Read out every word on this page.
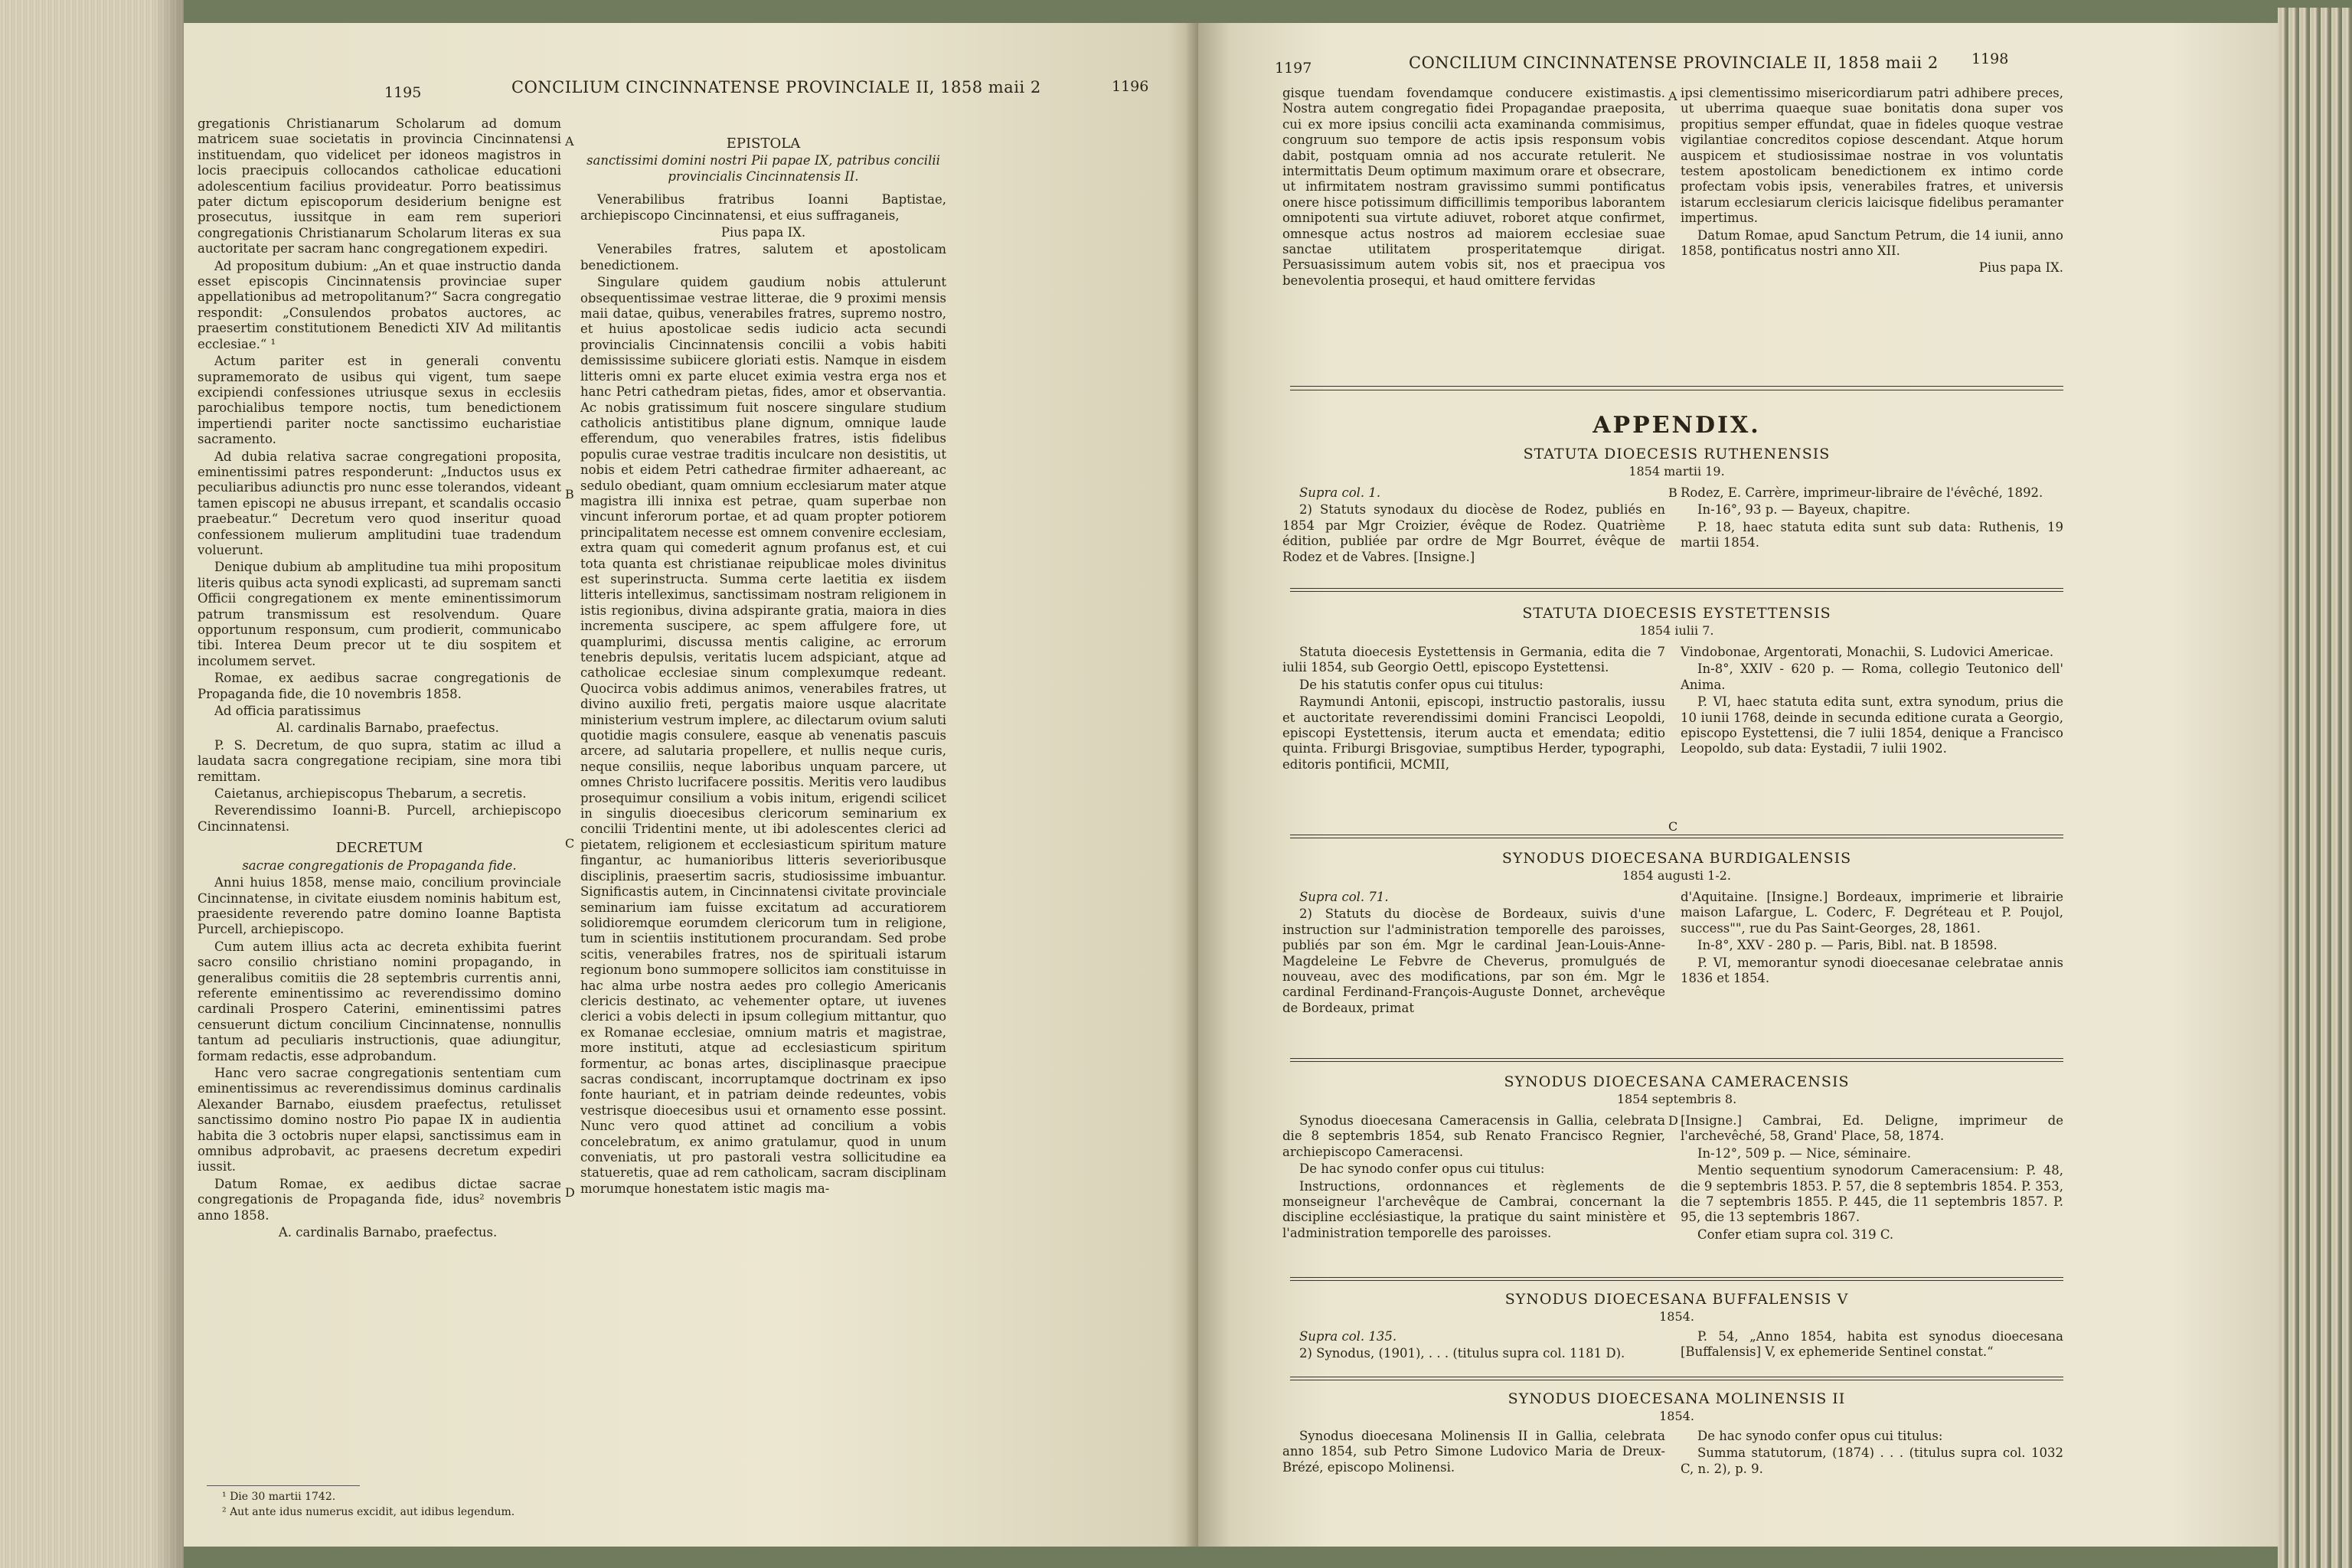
1195	CONCILIUM CINCINNATENSE PROVINCIALE II, 1858 maii 2	1196

gregationis Christianarum Scholarum ad domum matricem suae societatis in provincia Cincinnatensi instituendam, quo videlicet per idoneos magistros in locis praecipuis collocandos catholicae educationi adolescentium facilius provideatur. Porro beatissimus pater dictum episcoporum desiderium benigne est prosecutus, iussitque in eam rem superiori congregationis Christianarum Scholarum literas ex sua auctoritate per sacram hanc congregationem expediri.

Ad propositum dubium: „An et quae instructio danda esset episcopis Cincinnatensis provinciae super appellationibus ad metropolitanum?“ Sacra congregatio respondit: „Consulendos probatos auctores, ac praesertim constitutionem Benedicti XIV Ad militantis ecclesiae.“ ¹

Actum pariter est in generali conventu supramemorato de usibus qui vigent, tum saepe excipiendi confessiones utriusque sexus in ecclesiis parochialibus tempore noctis, tum benedictionem impertiendi pariter nocte sanctissimo eucharistiae sacramento.

Ad dubia relativa sacrae congregationi proposita, eminentissimi patres responderunt: „Inductos usus ex peculiaribus adiunctis pro nunc esse tolerandos, videant tamen episcopi ne abusus irrepant, et scandalis occasio praebeatur.“ Decretum vero quod inseritur quoad confessionem mulierum amplitudini tuae tradendum voluerunt.

Denique dubium ab amplitudine tua mihi propositum literis quibus acta synodi explicasti, ad supremam sancti Officii congregationem ex mente eminentissimorum patrum transmissum est resolvendum. Quare opportunum responsum, cum prodierit, communicabo tibi. Interea Deum precor ut te diu sospitem et incolumem servet.

Romae, ex aedibus sacrae congregationis de Propaganda fide, die 10 novembris 1858.

Ad officia paratissimus

Al. cardinalis Barnabo, praefectus.

P. S. Decretum, de quo supra, statim ac illud a laudata sacra congregatione recipiam, sine mora tibi remittam.

Caietanus, archiepiscopus Thebarum, a secretis.

Reverendissimo Ioanni-B. Purcell, archiepiscopo Cincinnatensi.

DECRETUM

sacrae congregationis de Propaganda fide.

Anni huius 1858, mense maio, concilium provinciale Cincinnatense, in civitate eiusdem nominis habitum est, praesidente reverendo patre domino Ioanne Baptista Purcell, archiepiscopo.

Cum autem illius acta ac decreta exhibita fuerint sacro consilio christiano nomini propagando, in generalibus comitiis die 28 septembris currentis anni, referente eminentissimo ac reverendissimo domino cardinali Prospero Caterini, eminentissimi patres censuerunt dictum concilium Cincinnatense, nonnullis tantum ad peculiaris instructionis, quae adiungitur, formam redactis, esse adprobandum.

Hanc vero sacrae congregationis sententiam cum eminentissimus ac reverendissimus dominus cardinalis Alexander Barnabo, eiusdem praefectus, retulisset sanctissimo domino nostro Pio papae IX in audientia habita die 3 octobris nuper elapsi, sanctissimus eam in omnibus adprobavit, ac praesens decretum expediri iussit.

Datum Romae, ex aedibus dictae sacrae congregationis de Propaganda fide, idus² novembris anno 1858.

A. cardinalis Barnabo, praefectus.

¹ Die 30 martii 1742.
² Aut ante idus numerus excidit, aut idibus legendum.
A
B
C
D

EPISTOLA

sanctissimi domini nostri Pii papae IX, patribus concilii provincialis Cincinnatensis II.

Venerabilibus fratribus Ioanni Baptistae, archiepiscopo Cincinnatensi, et eius suffraganeis,

Pius papa IX.

Venerabiles fratres, salutem et apostolicam benedictionem.

Singulare quidem gaudium nobis attulerunt obsequentissimae vestrae litterae, die 9 proximi mensis maii datae, quibus, venerabiles fratres, supremo nostro, et huius apostolicae sedis iudicio acta secundi provincialis Cincinnatensis concilii a vobis habiti demississime subiicere gloriati estis. Namque in eisdem litteris omni ex parte elucet eximia vestra erga nos et hanc Petri cathedram pietas, fides, amor et observantia. Ac nobis gratissimum fuit noscere singulare studium catholicis antistitibus plane dignum, omnique laude efferendum, quo venerabiles fratres, istis fidelibus populis curae vestrae traditis inculcare non desistitis, ut nobis et eidem Petri cathedrae firmiter adhaereant, ac sedulo obediant, quam omnium ecclesiarum mater atque magistra illi innixa est petrae, quam superbae non vincunt inferorum portae, et ad quam propter potiorem principalitatem necesse est omnem convenire ecclesiam, extra quam qui comederit agnum profanus est, et cui tota quanta est christianae reipublicae moles divinitus est superinstructa. Summa certe laetitia ex iisdem litteris intelleximus, sanctissimam nostram religionem in istis regionibus, divina adspirante gratia, maiora in dies incrementa suscipere, ac spem affulgere fore, ut quamplurimi, discussa mentis caligine, ac errorum tenebris depulsis, veritatis lucem adspiciant, atque ad catholicae ecclesiae sinum complexumque redeant. Quocirca vobis addimus animos, venerabiles fratres, ut divino auxilio freti, pergatis maiore usque alacritate ministerium vestrum implere, ac dilectarum ovium saluti quotidie magis consulere, easque ab venenatis pascuis arcere, ad salutaria propellere, et nullis neque curis, neque consiliis, neque laboribus unquam parcere, ut omnes Christo lucrifacere possitis. Meritis vero laudibus prosequimur consilium a vobis initum, erigendi scilicet in singulis dioecesibus clericorum seminarium ex concilii Tridentini mente, ut ibi adolescentes clerici ad pietatem, religionem et ecclesiasticum spiritum mature fingantur, ac humanioribus litteris severioribusque disciplinis, praesertim sacris, studiosissime imbuantur. Significastis autem, in Cincinnatensi civitate provinciale seminarium iam fuisse excitatum ad accuratiorem solidioremque eorumdem clericorum tum in religione, tum in scientiis institutionem procurandam. Sed probe scitis, venerabiles fratres, nos de spirituali istarum regionum bono summopere sollicitos iam constituisse in hac alma urbe nostra aedes pro collegio Americanis clericis destinato, ac vehementer optare, ut iuvenes clerici a vobis delecti in ipsum collegium mittantur, quo ex Romanae ecclesiae, omnium matris et magistrae, more instituti, atque ad ecclesiasticum spiritum formentur, ac bonas artes, disciplinasque praecipue sacras condiscant, incorruptamque doctrinam ex ipso fonte hauriant, et in patriam deinde redeuntes, vobis vestrisque dioecesibus usui et ornamento esse possint. Nunc vero quod attinet ad concilium a vobis concelebratum, ex animo gratulamur, quod in unum conveniatis, ut pro pastorali vestra sollicitudine ea statueretis, quae ad rem catholicam, sacram disciplinam morumque honestatem istic magis ma-

1197	CONCILIUM CINCINNATENSE PROVINCIALE II, 1858 maii 2 1198

gisque tuendam fovendamque conducere existimastis. Nostra autem congregatio fidei Propagandae praeposita, cui ex more ipsius concilii acta examinanda commisimus, congruum suo tempore de actis ipsis responsum vobis dabit, postquam omnia ad nos accurate retulerit. Ne intermittatis Deum optimum maximum orare et obsecrare, ut infirmitatem nostram gravissimo summi pontificatus onere hisce potissimum difficillimis temporibus laborantem omnipotenti sua virtute adiuvet, roboret atque confirmet, omnesque actus nostros ad maiorem ecclesiae suae sanctae utilitatem prosperitatemque dirigat. Persuasissimum autem vobis sit, nos et praecipua vos benevolentia prosequi, et haud omittere fervidas

A ipsi clementissimo misericordiarum patri adhibere preces, ut uberrima quaeque suae bonitatis dona super vos propitius semper effundat, quae in fideles quoque vestrae vigilantiae concreditos copiose descendant. Atque horum auspicem et studiosissimae nostrae in vos voluntatis testem apostolicam benedictionem ex intimo corde profectam vobis ipsis, venerabiles fratres, et universis istarum ecclesiarum clericis laicisque fidelibus peramanter impertimus.

Datum Romae, apud Sanctum Petrum, die 14 iunii, anno 1858, pontificatus nostri anno XII.

Pius papa IX.

APPENDIX.
STATUTA DIOECESIS RUTHENENSIS
1854 martii 19.

Supra col. 1.

2) Statuts synodaux du diocèse de Rodez, publiés en 1854 par Mgr Croizier, évêque de Rodez. Quatrième édition, publiée par ordre de Mgr Bourret, évêque de Rodez et de Vabres. [Insigne.]

B Rodez, E. Carrère, imprimeur-libraire de l'évêché, 1892.

In-16°, 93 p. — Bayeux, chapitre.

P. 18, haec statuta edita sunt sub data: Ruthenis, 19 martii 1854.

STATUTA DIOECESIS EYSTETTENSIS
1854 iulii 7.

Statuta dioecesis Eystettensis in Germania, edita die 7 iulii 1854, sub Georgio Oettl, episcopo Eystettensi.

De his statutis confer opus cui titulus:

Raymundi Antonii, episcopi, instructio pastoralis, iussu et auctoritate reverendissimi domini Francisci Leopoldi, episcopi Eystettensis, iterum aucta et emendata; editio quinta. Friburgi Brisgoviae, sumptibus Herder, typographi, editoris pontificii, MCMII,

C

Vindobonae, Argentorati, Monachii, S. Ludovici Americae.

In-8°, XXIV - 620 p. — Roma, collegio Teutonico dell' Anima.

P. VI, haec statuta edita sunt, extra synodum, prius die 10 iunii 1768, deinde in secunda editione curata a Georgio, episcopo Eystettensi, die 7 iulii 1854, denique a Francisco Leopoldo, sub data: Eystadii, 7 iulii 1902.

SYNODUS DIOECESANA BURDIGALENSIS
1854 augusti 1-2.

Supra col. 71.

2) Statuts du diocèse de Bordeaux, suivis d'une instruction sur l'administration temporelle des paroisses, publiés par son ém. Mgr le cardinal Jean-Louis-Anne-Magdeleine Le Febvre de Cheverus, promulgués de nouveau, avec des modifications, par son ém. Mgr le cardinal Ferdinand-François-Auguste Donnet, archevêque de Bordeaux, primat

d'Aquitaine. [Insigne.] Bordeaux, imprimerie et librairie maison Lafargue, L. Coderc, F. Degréteau et P. Poujol, success"", rue du Pas Saint-Georges, 28, 1861.

In-8°, XXV - 280 p. — Paris, Bibl. nat. B 18598.

P. VI, memorantur synodi dioecesanae celebratae annis 1836 et 1854.

SYNODUS DIOECESANA CAMERACENSIS
1854 septembris 8.

Synodus dioecesana Cameracensis in Gallia, celebrata die 8 septembris 1854, sub Renato Francisco Regnier, archiepiscopo Cameracensi.

De hac synodo confer opus cui titulus:

Instructions, ordonnances et règlements de monseigneur l'archevêque de Cambrai, concernant la discipline ecclésiastique, la pratique du saint ministère et l'administration temporelle des paroisses.

D [Insigne.] Cambrai, Ed. Deligne, imprimeur de l'archevêché, 58, Grand' Place, 58, 1874.

In-12°, 509 p. — Nice, séminaire.

Mentio sequentium synodorum Cameracensium: P. 48, die 9 septembris 1853. P. 57, die 8 septembris 1854. P. 353, die 7 septembris 1855. P. 445, die 11 septembris 1857. P. 95, die 13 septembris 1867.

Confer etiam supra col. 319 C.

SYNODUS DIOECESANA BUFFALENSIS V
1854.

Supra col. 135.

2) Synodus, (1901), . . . (titulus supra col. 1181 D).

P. 54, „Anno 1854, habita est synodus dioecesana [Buffalensis] V, ex ephemeride Sentinel constat.“

SYNODUS DIOECESANA MOLINENSIS II
1854.

Synodus dioecesana Molinensis II in Gallia, celebrata anno 1854, sub Petro Simone Ludovico Maria de Dreux-Brézé, episcopo Molinensi.

De hac synodo confer opus cui titulus:

Summa statutorum, (1874) . . . (titulus supra col. 1032 C, n. 2), p. 9.
